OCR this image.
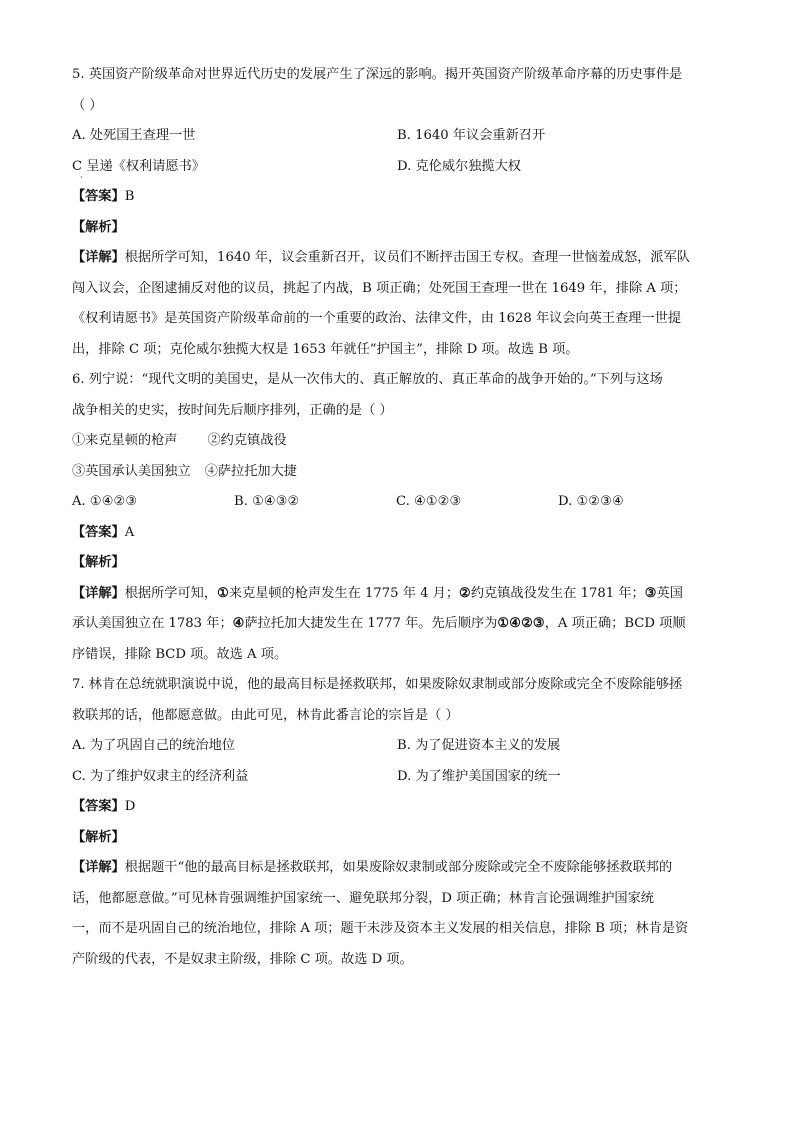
5. 英国资产阶级革命对世界近代历史的发展产生了深远的影响。揭开英国资产阶级革命序幕的历史事件是
（ ）
A. 处死国王查理一世	B. 1640 年议会重新召开
C 呈递《权利请愿书》	D. 克伦威尔独揽大权
·
【答案】B
【解析】
【详解】根据所学可知，1640 年，议会重新召开，议员们不断抨击国王专权。查理一世恼羞成怒，派军队
闯入议会，企图逮捕反对他的议员，挑起了内战，B 项正确；处死国王查理一世在 1649 年，排除 A 项；
《权利请愿书》是英国资产阶级革命前的一个重要的政治、法律文件，由 1628 年议会向英王查理一世提
出，排除 C 项；克伦威尔独揽大权是 1653 年就任“护国主”，排除 D 项。故选 B 项。
6. 列宁说：“现代文明的美国史，是从一次伟大的、真正解放的、真正革命的战争开始的。”下列与这场
战争相关的史实，按时间先后顺序排列，正确的是（ ）
①来克星顿的枪声 ②约克镇战役
③英国承认美国独立 ④萨拉托加大捷
A. ①④②③	B. ①④③②	C. ④①②③	D. ①②③④
【答案】A
【解析】
【详解】根据所学可知，①来克星顿的枪声发生在 1775 年 4 月；②约克镇战役发生在 1781 年；③英国
承认美国独立在 1783 年；④萨拉托加大捷发生在 1777 年。先后顺序为①④②③，A 项正确；BCD 项顺
序错误，排除 BCD 项。故选 A 项。
7. 林肯在总统就职演说中说，他的最高目标是拯救联邦，如果废除奴隶制或部分废除或完全不废除能够拯
救联邦的话，他都愿意做。由此可见，林肯此番言论的宗旨是（ ）
A. 为了巩固自己的统治地位	B. 为了促进资本主义的发展
C. 为了维护奴隶主的经济利益	D. 为了维护美国国家的统一
【答案】D
【解析】
【详解】根据题干“他的最高目标是拯救联邦，如果废除奴隶制或部分废除或完全不废除能够拯救联邦的
话，他都愿意做。”可见林肯强调维护国家统一、避免联邦分裂，D 项正确；林肯言论强调维护国家统
一，而不是巩固自己的统治地位，排除 A 项；题干未涉及资本主义发展的相关信息，排除 B 项；林肯是资
产阶级的代表，不是奴隶主阶级，排除 C 项。故选 D 项。
